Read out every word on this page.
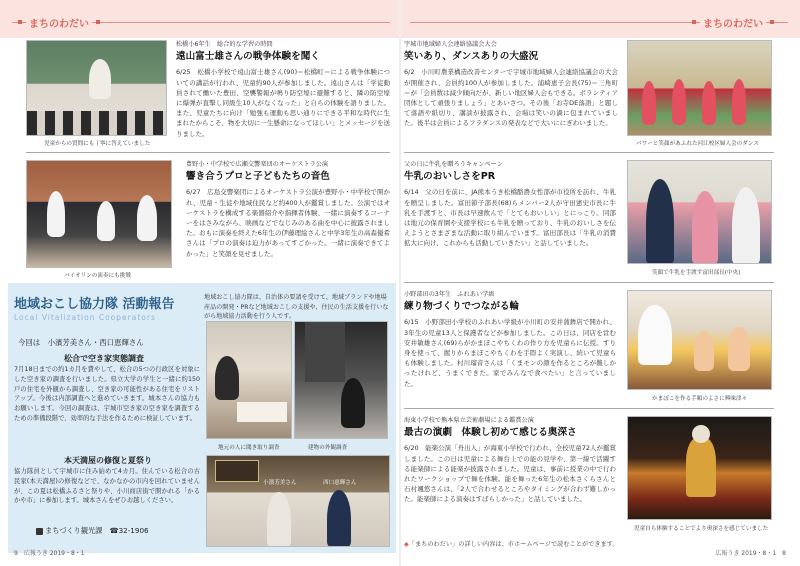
まちのわだい	まちのわだい
児童からの質問にも丁寧に答えていました
松橋小6年生　総合的な学習の時間
遠山富士雄さんの戦争体験を聞く
6/25　松橋小学校で遠山富士雄さん(90)＝松橋町＝による戦争体験についての講話が行われ、児童約90人が参加しました。遠山さんは「学徒動員されて働いた豊田、空襲警報が鳴り防空壕に避難すると、隣の防空壕に爆弾が直撃し同級生10人がなくなった」と自らの体験を語りました。また、児童たちに向け「勉強も運動も思い通りにできる平和な時代に生まれたからこそ、物を大切に一生懸命になってほしい」とメッセージを送りました。
バイオリンの演奏にも挑戦
豊野小・中学校で広瀬交響楽団のオーケストラ公演
響き合うプロと子どもたちの音色
6/27　広島交響楽団によるオーケストラ公演が豊野小・中学校で開かれ、児童・生徒や地域住民など約400人が鑑賞しました。公演ではオーケストラを構成する楽器紹介や指揮者体験、一緒に演奏するコーナーをはさみながら、映画などでなじみのある曲を中心に披露されました。おもに演奏を終えた6年生の伊藤理絵さんと中学3年生の高森優希さんは「プロの演奏は迫力があってすごかった。一緒に演奏できてよかった」と笑顔を見せました。
地域おこし協力隊 活動報告
Local Vitalization Cooperators
地域おこし協力隊は、自治体の要請を受けて、地域ブランドや地場産品の開発・PRなど地域おこしの支援や、住民の生活支援を行いながら地域協力活動を行う人です。
今回は　小濱芳美さん・西口恵輝さん
松合で空き家実態調査
7月18日までの約1カ月を費やして、松合の5つの行政区を対象にした空き家の調査を行いました。県立大学の学生と一緒に約150戸の住宅を外観から調査し、空き家の可能性がある住宅をリストアップ。今後は内部調査へと進めていきます。城本さんの協力もお願いします。今回の調査は、宇城市空き家の空き家を調査するための準備段階で、効率的な手法を作るために検証しています。
本天満屋の修復と夏祭り
協力隊員として宇城市に住み始めて4カ月。住んでいる松合の古民家(本天満屋)の修復などで、なかなかの市内を回れていませんが、この夏は松橋ふるさと祭りや、小川商店街で開かれる「かるかや市」に参加します。城本さんをぜひお越しください。
まちづくり観光課　☎32-1906
地元の人に聞き取り調査	建物の外観調査
小濱芳美さん	西口恵輝さん
9　広報うき 2019・8・1
宇城市地域婦人会連絡協議会大会
笑いあり、ダンスありの大盛況
6/2　小川町農業構造改善センターで宇城市地域婦人会連絡協議会の大会が開催され、会員約100人が参加しました。浦崎恵子会長(75)＝三角町＝が「会員数は減少傾向だが、新しい地区婦人会もできる。ボランティア団体として頑張りましょう」とあいさつ。その後「お寺DE落語」と題して落語や紙切り、講談が披露され、会場は笑いの渦に包まれていました。後半は会員によるフラダンスの発表などで大いににぎわいました。
パワーと笑顔があふれた河江校区婦人会のダンス
父の日に牛乳を贈ろうキャンペーン
牛乳のおいしさをPR
6/14　父の日を前に、JA熊本うき松橋酪農女性部が市役所を訪れ、牛乳を贈呈しました。富田節子部長(68)らメンバー2人が守田憲史市長に牛乳を手渡すと、市長は早速飲んで「とてもおいしい」とにっこり。同部は地元の保育園や支援学校にも牛乳を贈っており、牛乳のおいしさを伝えようとさまざまな活動に取り組んでいます。富田部長は「牛乳の消費拡大に向け、これからも活動していきたい」と話していました。
笑顔で牛乳を手渡す富田部長(中央)
小野部田の3年生　ふれあい学級
練り物づくりでつながる輪
6/15　小野部田小学校のふれあい学級が小川町の安井蒲鉾店で開かれ、3年生の児童13人と保護者などが参加しました。この日は、同店を営む安井敏雄さん(69)らがかまぼこやちくわの作り方を児童らに伝授。すり身を使って、握りからまぼこやちくわを手際よく実演し、続いて児童らも体験しました。村川瑠音さんは「くまモンの顔を作るところが難しかったけれど、うまくできた。家でみんなで食べたい」と言っていました。
かまぼこを作る手順のよさに興味津々
海東小学校で熊本県立芸術劇場による鑑賞公演
最古の演劇　体験し初めて感じる奥深さ
6/20　能楽公演「舟出入」が海東小学校で行われ、全校児童72人が鑑賞しました。この日は児童による舞台上での能の見学や、第一線で活躍する能楽師による能楽が披露されました。児童は、事前に授業の中で行われたワークショップで舞を体験。能を舞った6年生の松本さくらさんと石村颯悠さんは、「2人で合わせるところやタイミングが合わず難しかった。能楽師による演奏はすばらしかった」と話していました。
児童自ら体験することでより奥深さを感じていました
◆「まちのわだい」の詳しい内容は、市ホームページで読むことができます。
広報うき 2019・8・1　8
